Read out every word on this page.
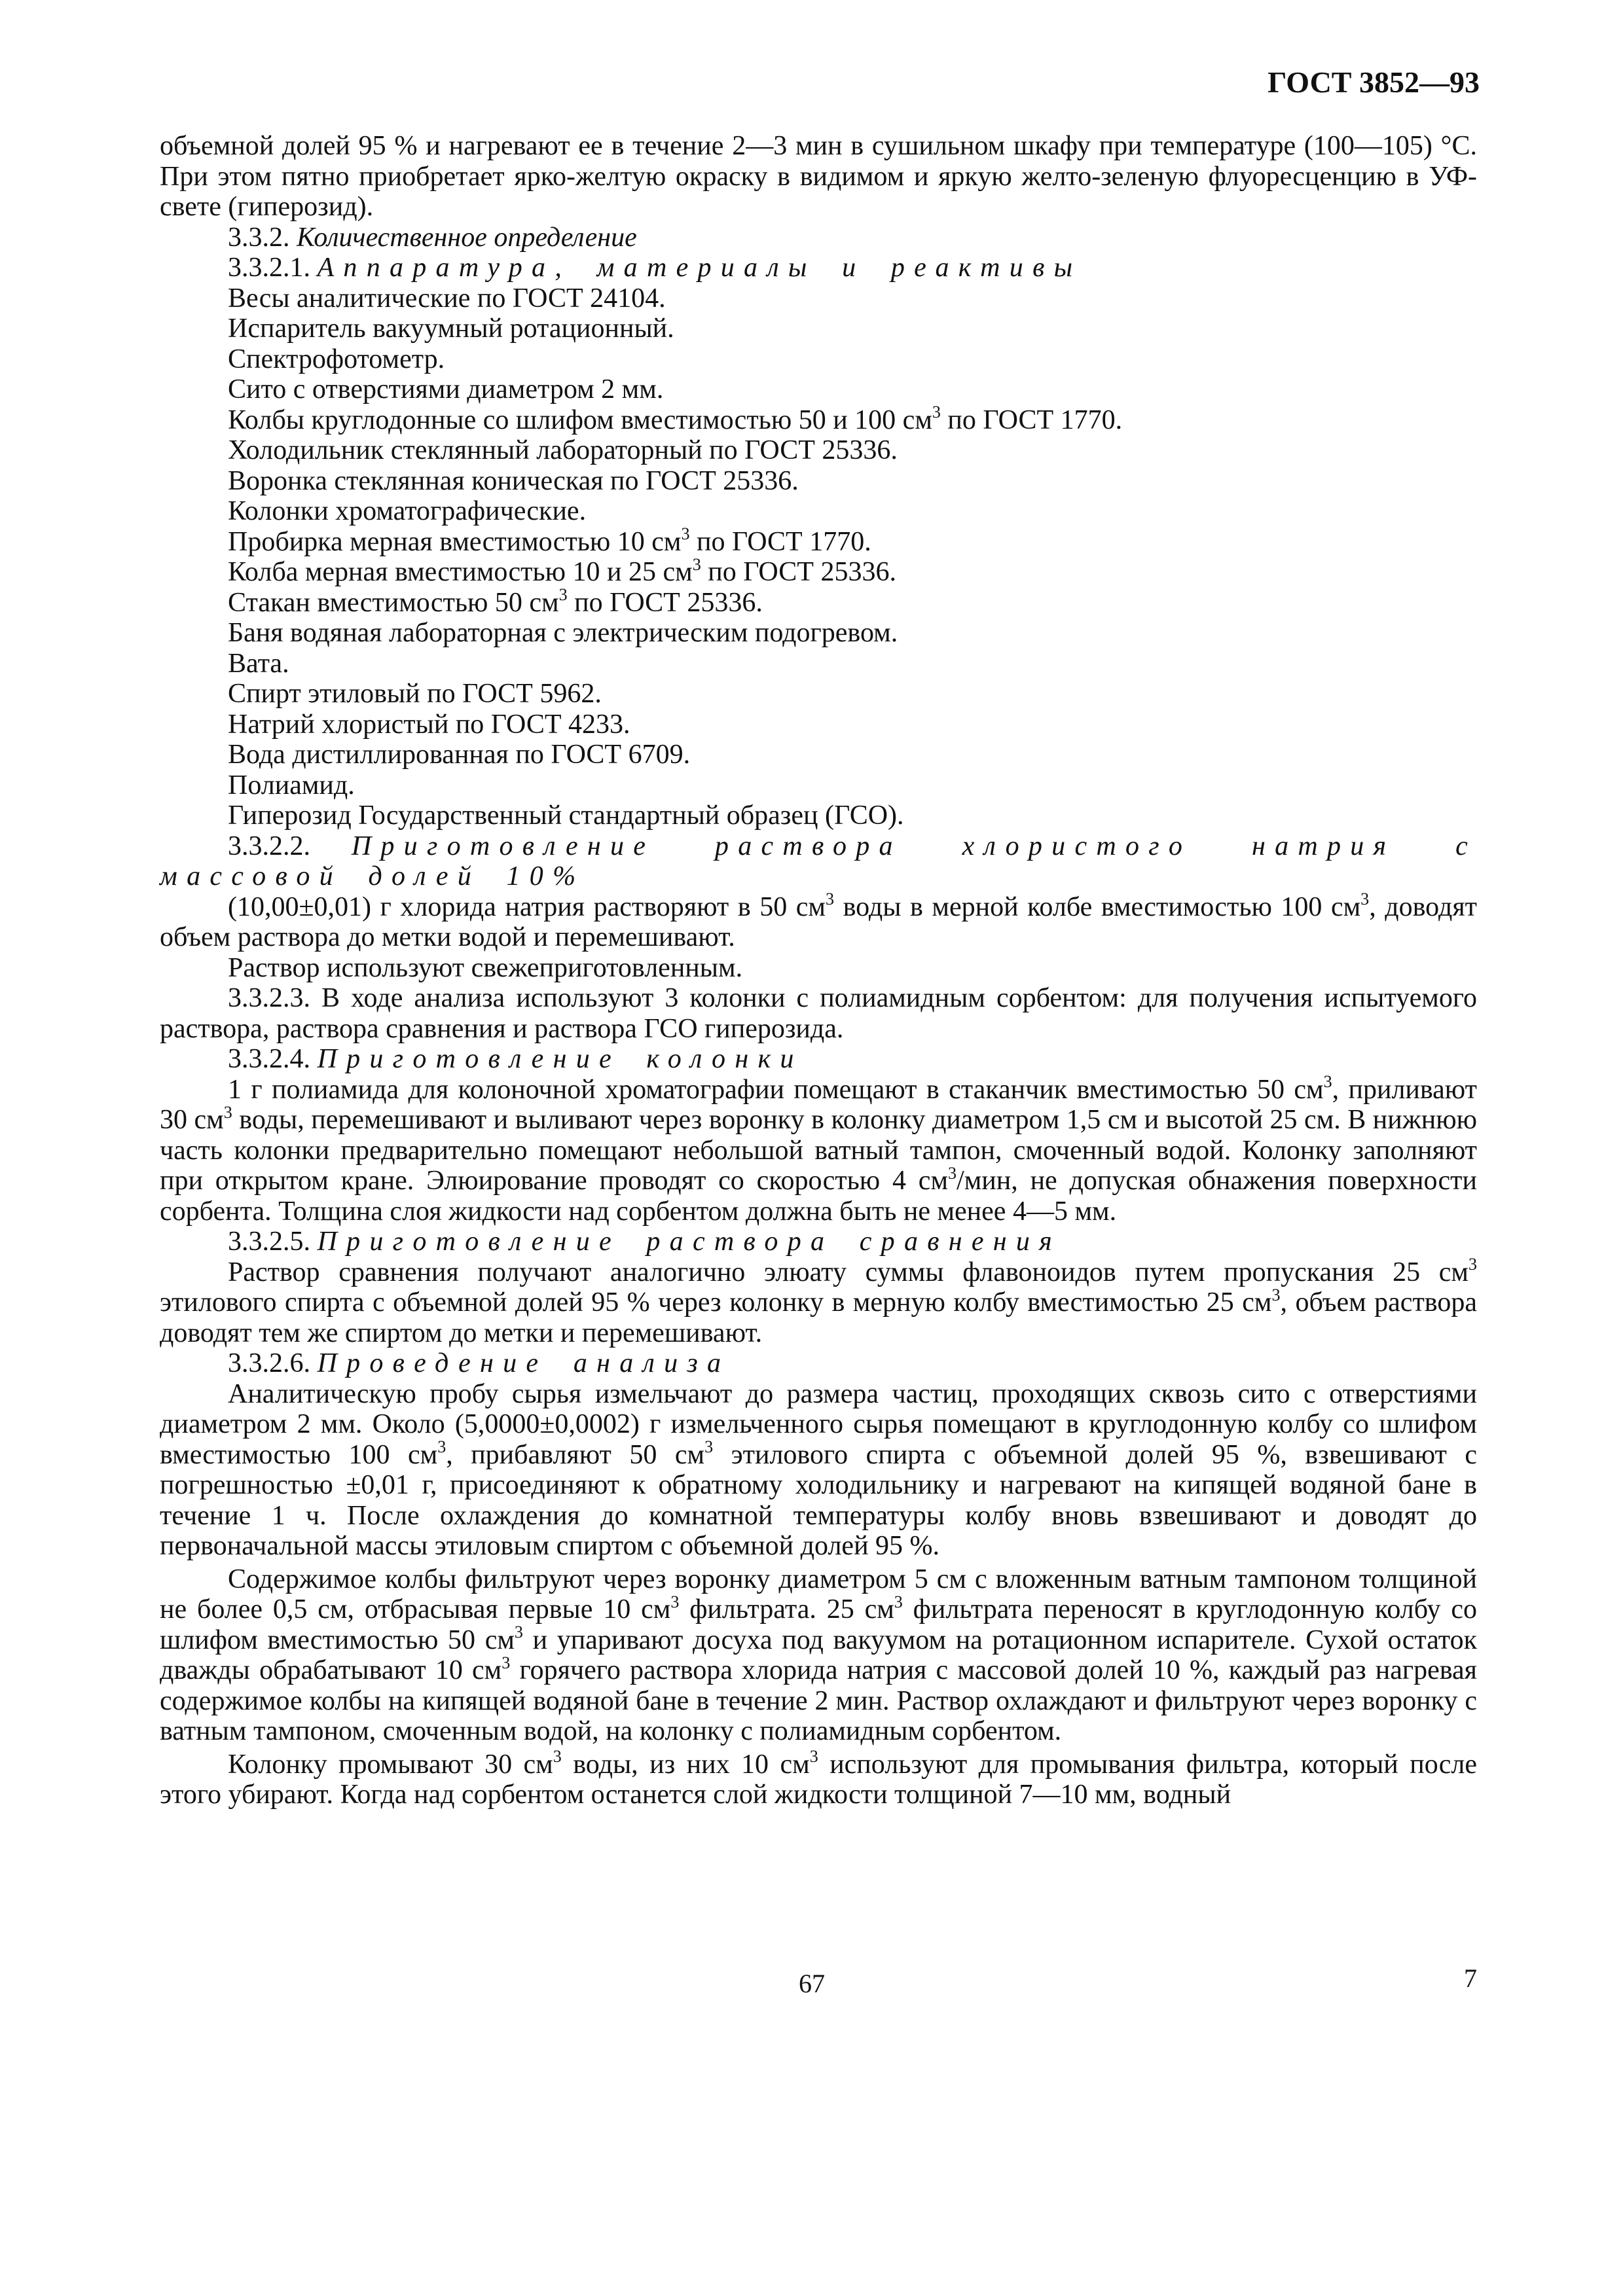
ГОСТ 3852—93

объемной долей 95 % и нагревают ее в течение 2—3 мин в сушильном шкафу при температуре (100—105) °С. При этом пятно приобретает ярко-желтую окраску в видимом и яркую желто-зеленую флуоресценцию в УФ-свете (гиперозид).

3.3.2. Количественное определение

3.3.2.1. Аппаратура, материалы и реактивы

Весы аналитические по ГОСТ 24104.

Испаритель вакуумный ротационный.

Спектрофотометр.

Сито с отверстиями диаметром 2 мм.

Колбы круглодонные со шлифом вместимостью 50 и 100 $см^3$ по ГОСТ 1770.

Холодильник стеклянный лабораторный по ГОСТ 25336.

Воронка стеклянная коническая по ГОСТ 25336.

Колонки хроматографические.

Пробирка мерная вместимостью 10 $см^3$ по ГОСТ 1770.

Колба мерная вместимостью 10 и 25 $см^3$ по ГОСТ 25336.

Стакан вместимостью 50 $см^3$ по ГОСТ 25336.

Баня водяная лабораторная с электрическим подогревом.

Вата.

Спирт этиловый по ГОСТ 5962.

Натрий хлористый по ГОСТ 4233.

Вода дистиллированная по ГОСТ 6709.

Полиамид.

Гиперозид Государственный стандартный образец (ГСО).

3.3.2.2. Приготовление раствора хлористого натрия с массовой долей 10%

(10,00±0,01) г хлорида натрия растворяют в 50 $см^3$ воды в мерной колбе вместимостью 100 $см^3$, доводят объем раствора до метки водой и перемешивают.

Раствор используют свежеприготовленным.

3.3.2.3. В ходе анализа используют 3 колонки с полиамидным сорбентом: для получения испытуемого раствора, раствора сравнения и раствора ГСО гиперозида.

3.3.2.4. Приготовление колонки

1 г полиамида для колоночной хроматографии помещают в стаканчик вместимостью 50 $см^3$, приливают 30 $см^3$ воды, перемешивают и выливают через воронку в колонку диаметром 1,5 см и высотой 25 см. В нижнюю часть колонки предварительно помещают небольшой ватный тампон, смоченный водой. Колонку заполняют при открытом кране. Элюирование проводят со скоростью 4 $см^3$/мин, не допуская обнажения поверхности сорбента. Толщина слоя жидкости над сорбентом должна быть не менее 4—5 мм.

3.3.2.5. Приготовление раствора сравнения

Раствор сравнения получают аналогично элюату суммы флавоноидов путем пропускания 25 $см^3$ этилового спирта с объемной долей 95 % через колонку в мерную колбу вместимостью 25 $см^3$, объем раствора доводят тем же спиртом до метки и перемешивают.

3.3.2.6. Проведение анализа

Аналитическую пробу сырья измельчают до размера частиц, проходящих сквозь сито с отверстиями диаметром 2 мм. Около (5,0000±0,0002) г измельченного сырья помещают в круглодонную колбу со шлифом вместимостью 100 $см^3$, прибавляют 50 $см^3$ этилового спирта с объемной долей 95 %, взвешивают с погрешностью ±0,01 г, присоединяют к обратному холодильнику и нагревают на кипящей водяной бане в течение 1 ч. После охлаждения до комнатной температуры колбу вновь взвешивают и доводят до первоначальной массы этиловым спиртом с объемной долей 95 %.

Содержимое колбы фильтруют через воронку диаметром 5 см с вложенным ватным тампоном толщиной не более 0,5 см, отбрасывая первые 10 $см^3$ фильтрата. 25 $см^3$ фильтрата переносят в круглодонную колбу со шлифом вместимостью 50 $см^3$ и упаривают досуха под вакуумом на ротационном испарителе. Сухой остаток дважды обрабатывают 10 $см^3$ горячего раствора хлорида натрия с массовой долей 10 %, каждый раз нагревая содержимое колбы на кипящей водяной бане в течение 2 мин. Раствор охлаждают и фильтруют через воронку с ватным тампоном, смоченным водой, на колонку с полиамидным сорбентом.

Колонку промывают 30 $см^3$ воды, из них 10 $см^3$ используют для промывания фильтра, который после этого убирают. Когда над сорбентом останется слой жидкости толщиной 7—10 мм, водный

67	7
